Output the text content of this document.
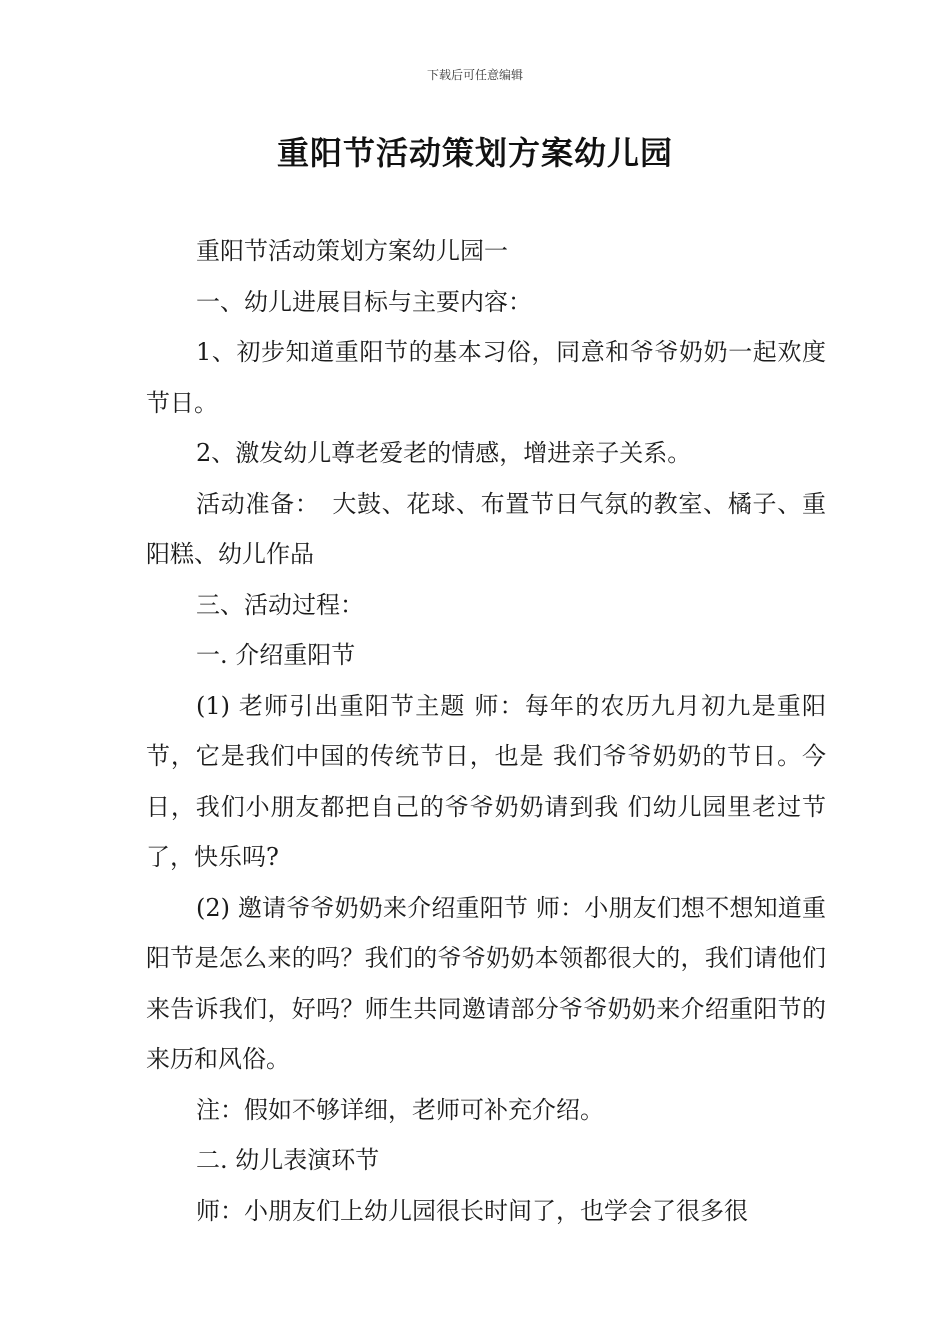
下载后可任意编辑
重阳节活动策划方案幼儿园

重阳节活动策划方案幼儿园一

一、幼儿进展目标与主要内容：

1、初步知道重阳节的基本习俗，同意和爷爷奶奶一起欢度节日。

2、激发幼儿尊老爱老的情感，增进亲子关系。

活动准备：　大鼓、花球、布置节日气氛的教室、橘子、重阳糕、幼儿作品

三、活动过程：

一. 介绍重阳节

(1) 老师引出重阳节主题 师：每年的农历九月初九是重阳节，它是我们中国的传统节日，也是 我们爷爷奶奶的节日。今日，我们小朋友都把自己的爷爷奶奶请到我 们幼儿园里老过节了，快乐吗?

(2) 邀请爷爷奶奶来介绍重阳节 师：小朋友们想不想知道重阳节是怎么来的吗？我们的爷爷奶奶本领都很大的，我们请他们来告诉我们，好吗？师生共同邀请部分爷爷奶奶来介绍重阳节的来历和风俗。

注：假如不够详细，老师可补充介绍。

二. 幼儿表演环节

师：小朋友们上幼儿园很长时间了，也学会了很多很
